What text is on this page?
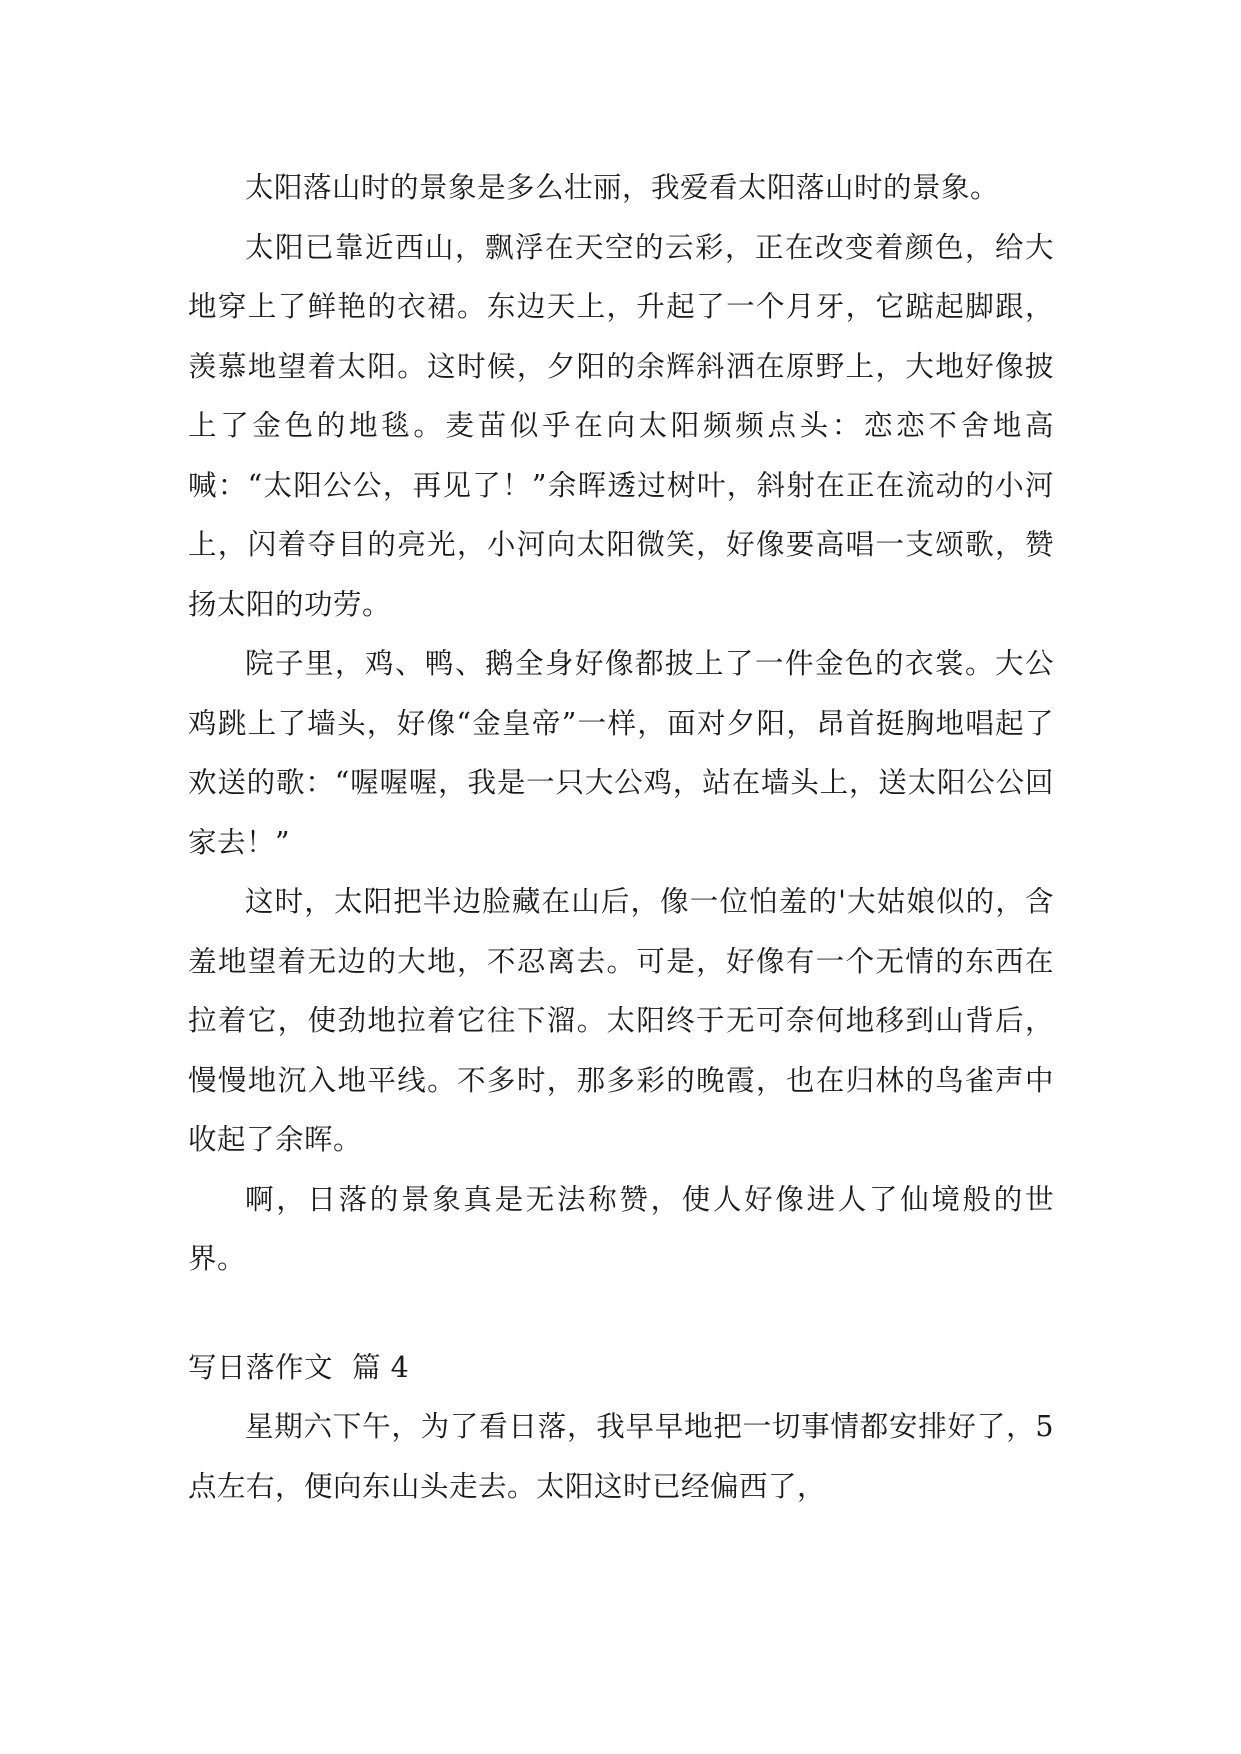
太阳落山时的景象是多么壮丽，我爱看太阳落山时的景象。

太阳已靠近西山，飘浮在天空的云彩，正在改变着颜色，给大地穿上了鲜艳的衣裙。东边天上，升起了一个月牙，它踮起脚跟，羡慕地望着太阳。这时候，夕阳的余辉斜洒在原野上，大地好像披上了金色的地毯。麦苗似乎在向太阳频频点头：恋恋不舍地高喊：“太阳公公，再见了！”余晖透过树叶，斜射在正在流动的小河上，闪着夺目的亮光，小河向太阳微笑，好像要高唱一支颂歌，赞扬太阳的功劳。

院子里，鸡、鸭、鹅全身好像都披上了一件金色的衣裳。大公鸡跳上了墙头，好像“金皇帝”一样，面对夕阳，昂首挺胸地唱起了欢送的歌：“喔喔喔，我是一只大公鸡，站在墙头上，送太阳公公回家去！”

这时，太阳把半边脸藏在山后，像一位怕羞的'大姑娘似的，含羞地望着无边的大地，不忍离去。可是，好像有一个无情的东西在拉着它，使劲地拉着它往下溜。太阳终于无可奈何地移到山背后，慢慢地沉入地平线。不多时，那多彩的晚霞，也在归林的鸟雀声中收起了余晖。

啊，日落的景象真是无法称赞，使人好像进人了仙境般的世界。

写日落作文  篇 4

星期六下午，为了看日落，我早早地把一切事情都安排好了，5 点左右，便向东山头走去。太阳这时已经偏西了，
